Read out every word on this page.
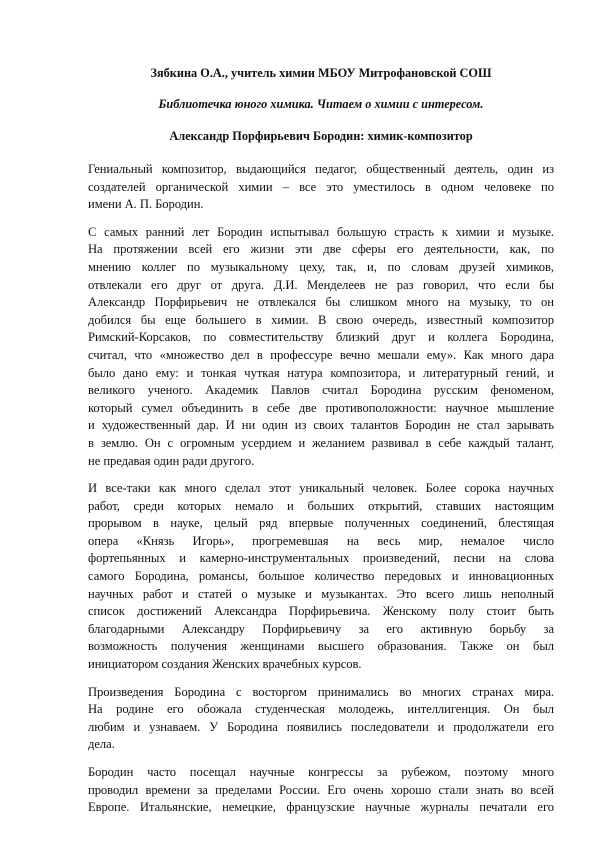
Зябкина О.А., учитель химии МБОУ Митрофановской СОШ
Библиотечка юного химика. Читаем о химии с интересом.
Александр Порфирьевич Бородин: химик-композитор
Гениальный композитор, выдающийся педагог, общественный деятель, один из
создателей органической химии – все это уместилось в одном человеке по
имени А. П. Бородин.
С самых ранний лет Бородин испытывал большую страсть к химии и музыке.
На протяжении всей его жизни эти две сферы его деятельности, как, по
мнению коллег по музыкальному цеху, так, и, по словам друзей химиков,
отвлекали его друг от друга. Д.И. Менделеев не раз говорил, что если бы
Александр Порфирьевич не отвлекался бы слишком много на музыку, то он
добился бы еще большего в химии. В свою очередь, известный композитор
Римский-Корсаков, по совместительству близкий друг и коллега Бородина,
считал, что «множество дел в профессуре вечно мешали ему». Как много дара
было дано ему: и тонкая чуткая натура композитора, и литературный гений, и
великого ученого. Академик Павлов считал Бородина русским феноменом,
который сумел объединить в себе две противоположности: научное мышление
и художественный дар. И ни один из своих талантов Бородин не стал зарывать
в землю. Он с огромным усердием и желанием развивал в себе каждый талант,
не предавая один ради другого.
И все-таки как много сделал этот уникальный человек. Более сорока научных
работ, среди которых немало и больших открытий, ставших настоящим
прорывом в науке, целый ряд впервые полученных соединений, блестящая
опера «Князь Игорь», прогремевшая на весь мир, немалое число
фортепьянных и камерно-инструментальных произведений, песни на слова
самого Бородина, романсы, большое количество передовых и инновационных
научных работ и статей о музыке и музыкантах. Это всего лишь неполный
список достижений Александра Порфирьевича. Женскому полу стоит быть
благодарными Александру Порфирьевичу за его активную борьбу за
возможность получения женщинами высшего образования. Также он был
инициатором создания Женских врачебных курсов.
Произведения Бородина с восторгом принимались во многих странах мира.
На родине его обожала студенческая молодежь, интеллигенция. Он был
любим и узнаваем. У Бородина появились последователи и продолжатели его
дела.
Бородин часто посещал научные конгрессы за рубежом, поэтому много
проводил времени за пределами России. Его очень хорошо стали знать во всей
Европе. Итальянские, немецкие, французские научные журналы печатали его
